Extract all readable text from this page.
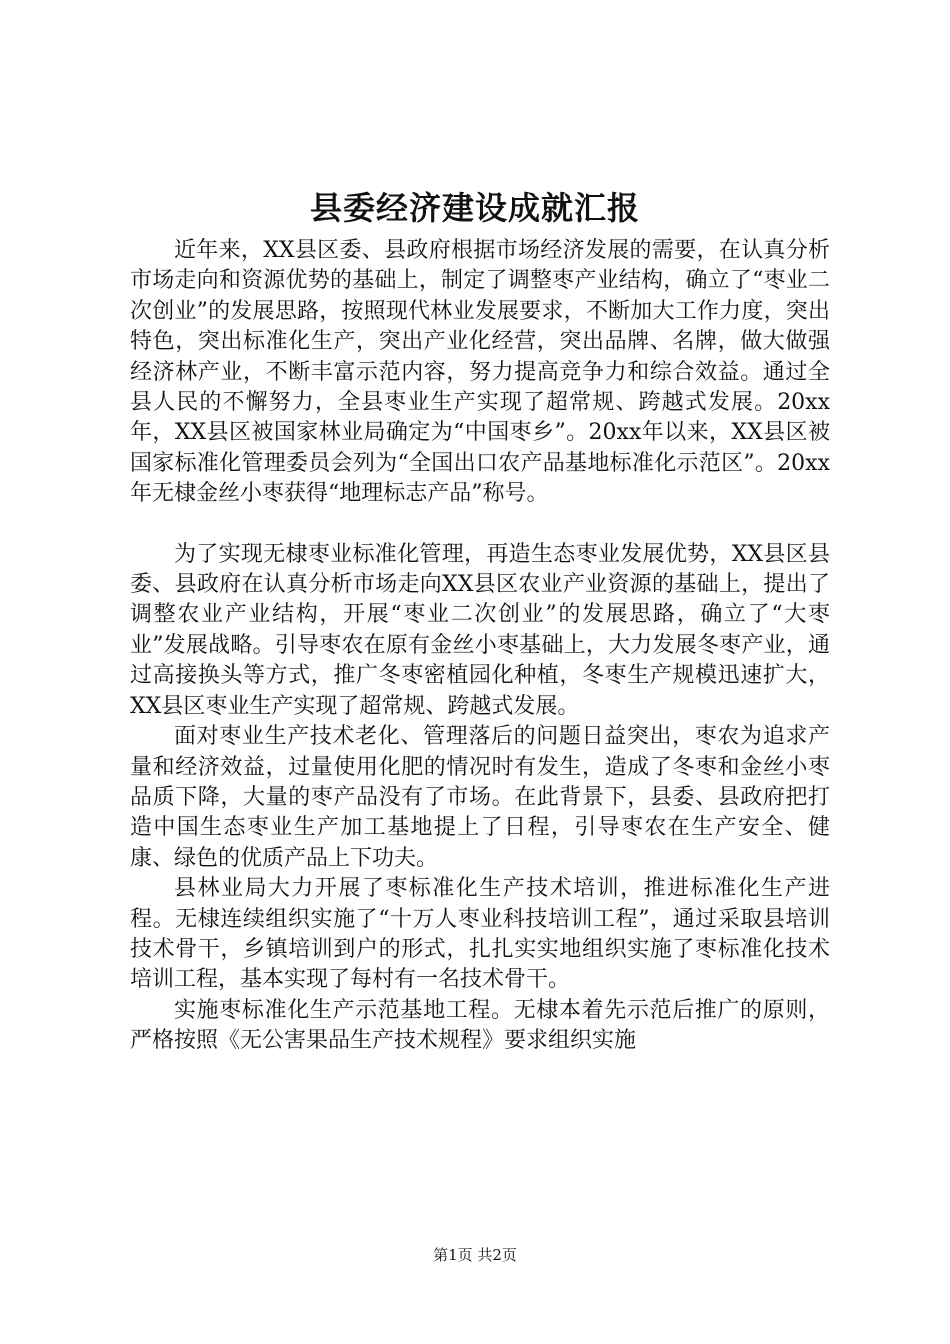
县委经济建设成就汇报

近年来，XX县区委、县政府根据市场经济发展的需要，在认真分析市场走向和资源优势的基础上，制定了调整枣产业结构，确立了“枣业二次创业”的发展思路，按照现代林业发展要求，不断加大工作力度，突出特色，突出标准化生产，突出产业化经营，突出品牌、名牌，做大做强经济林产业，不断丰富示范内容，努力提高竞争力和综合效益。通过全县人民的不懈努力，全县枣业生产实现了超常规、跨越式发展。20xx年，XX县区被国家林业局确定为“中国枣乡”。20xx年以来，XX县区被国家标准化管理委员会列为“全国出口农产品基地标准化示范区”。20xx年无棣金丝小枣获得“地理标志产品”称号。

为了实现无棣枣业标准化管理，再造生态枣业发展优势，XX县区县委、县政府在认真分析市场走向XX县区农业产业资源的基础上，提出了调整农业产业结构，开展“枣业二次创业”的发展思路，确立了“大枣业”发展战略。引导枣农在原有金丝小枣基础上，大力发展冬枣产业，通过高接换头等方式，推广冬枣密植园化种植，冬枣生产规模迅速扩大，XX县区枣业生产实现了超常规、跨越式发展。

面对枣业生产技术老化、管理落后的问题日益突出，枣农为追求产量和经济效益，过量使用化肥的情况时有发生，造成了冬枣和金丝小枣品质下降，大量的枣产品没有了市场。在此背景下，县委、县政府把打造中国生态枣业生产加工基地提上了日程，引导枣农在生产安全、健康、绿色的优质产品上下功夫。

县林业局大力开展了枣标准化生产技术培训，推进标准化生产进程。无棣连续组织实施了“十万人枣业科技培训工程”，通过采取县培训技术骨干，乡镇培训到户的形式，扎扎实实地组织实施了枣标准化技术培训工程，基本实现了每村有一名技术骨干。

实施枣标准化生产示范基地工程。无棣本着先示范后推广的原则，严格按照《无公害果品生产技术规程》要求组织实施

第1页 共2页
